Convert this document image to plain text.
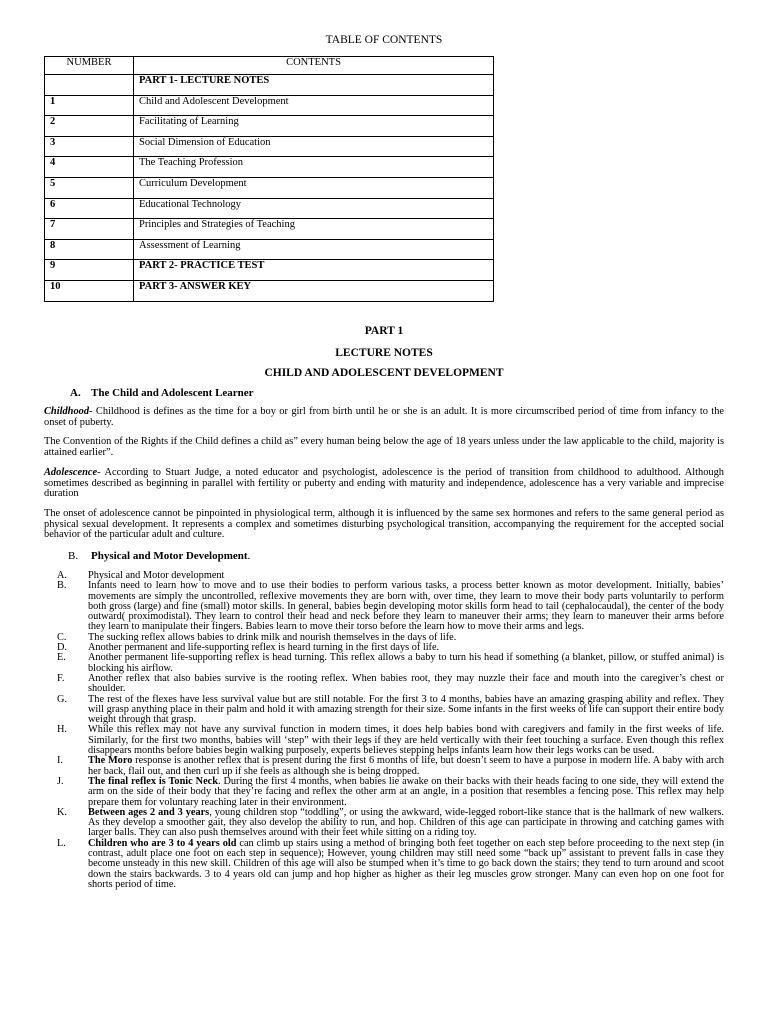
TABLE OF CONTENTS
NUMBER	CONTENTS
	PART 1- LECTURE NOTES
1	Child and Adolescent Development
2	Facilitating of Learning
3	Social Dimension of Education
4	The Teaching Profession
5	Curriculum Development
6	Educational Technology
7	Principles and Strategies of Teaching
8	Assessment of Learning
9	PART 2- PRACTICE TEST
10	PART 3- ANSWER KEY
PART 1
LECTURE NOTES
CHILD AND ADOLESCENT DEVELOPMENT
A. The Child and Adolescent Learner
Childhood- Childhood is defines as the time for a boy or girl from birth until he or she is an adult. It is more circumscribed period of time from infancy to the onset of puberty.
The Convention of the Rights if the Child defines a child as” every human being below the age of 18 years unless under the law applicable to the child, majority is attained earlier”.
Adolescence- According to Stuart Judge, a noted educator and psychologist, adolescence is the period of transition from childhood to adulthood. Although sometimes described as beginning in parallel with fertility or puberty and ending with maturity and independence, adolescence has a very variable and imprecise duration
The onset of adolescence cannot be pinpointed in physiological term, although it is influenced by the same sex hormones and refers to the same general period as physical sexual development. It represents a complex and sometimes disturbing psychological transition, accompanying the requirement for the accepted social behavior of the particular adult and culture.
B. Physical and Motor Development.
A.	Physical and Motor development
B.	Infants need to learn how to move and to use their bodies to perform various tasks, a process better known as motor development. Initially, babies’ movements are simply the uncontrolled, reflexive movements they are born with, over time, they learn to move their body parts voluntarily to perform both gross (large) and fine (small) motor skills. In general, babies begin developing motor skills form head to tail (cephalocaudal), the center of the body outward( proximodistal). They learn to control their head and neck before they learn to maneuver their arms; they learn to maneuver their arms before they learn to manipulate their fingers. Babies learn to move their torso before the learn how to move their arms and legs.
C.	The sucking reflex allows babies to drink milk and nourish themselves in the days of life.
D.	Another permanent and life-supporting reflex is heard turning in the first days of life.
E.	Another permanent life-supporting reflex is head turning. This reflex allows a baby to turn his head if something (a blanket, pillow, or stuffed animal) is blocking his airflow.
F.	Another reflex that also babies survive is the rooting reflex. When babies root, they may nuzzle their face and mouth into the caregiver’s chest or shoulder.
G.	The rest of the flexes have less survival value but are still notable. For the first 3 to 4 months, babies have an amazing grasping ability and reflex. They will grasp anything place in their palm and hold it with amazing strength for their size. Some infants in the first weeks of life can support their entire body weight through that grasp.
H.	While this reflex may not have any survival function in modern times, it does help babies bond with caregivers and family in the first weeks of life. Similarly, for the first two months, babies will ‘step” with their legs if they are held vertically with their feet touching a surface. Even though this reflex disappears months before babies begin walking purposely, experts believes stepping helps infants learn how their legs works can be used.
I.	The Moro response is another reflex that is present during the first 6 months of life, but doesn’t seem to have a purpose in modern life. A baby with arch her back, flail out, and then curl up if she feels as although she is being dropped.
J.	The final reflex is Tonic Neck. During the first 4 months, when babies lie awake on their backs with their heads facing to one side, they will extend the arm on the side of their body that they’re facing and reflex the other arm at an angle, in a position that resembles a fencing pose. This reflex may help prepare them for voluntary reaching later in their environment.
K.	Between ages 2 and 3 years, young children stop “toddling”, or using the awkward, wide-legged robort-like stance that is the hallmark of new walkers. As they develop a smoother gait, they also develop the ability to run, and hop. Children of this age can participate in throwing and catching games with larger balls. They can also push themselves around with their feet while sitting on a riding toy.
L.	Children who are 3 to 4 years old can climb up stairs using a method of bringing both feet together on each step before proceeding to the next step (in contrast, adult place one foot on each step in sequence); However, young children may still need some “back up” assistant to prevent falls in case they become unsteady in this new skill. Children of this age will also be stumped when it’s time to go back down the stairs; they tend to turn around and scoot down the stairs backwards. 3 to 4 years old can jump and hop higher as higher as their leg muscles grow stronger. Many can even hop on one foot for shorts period of time.
